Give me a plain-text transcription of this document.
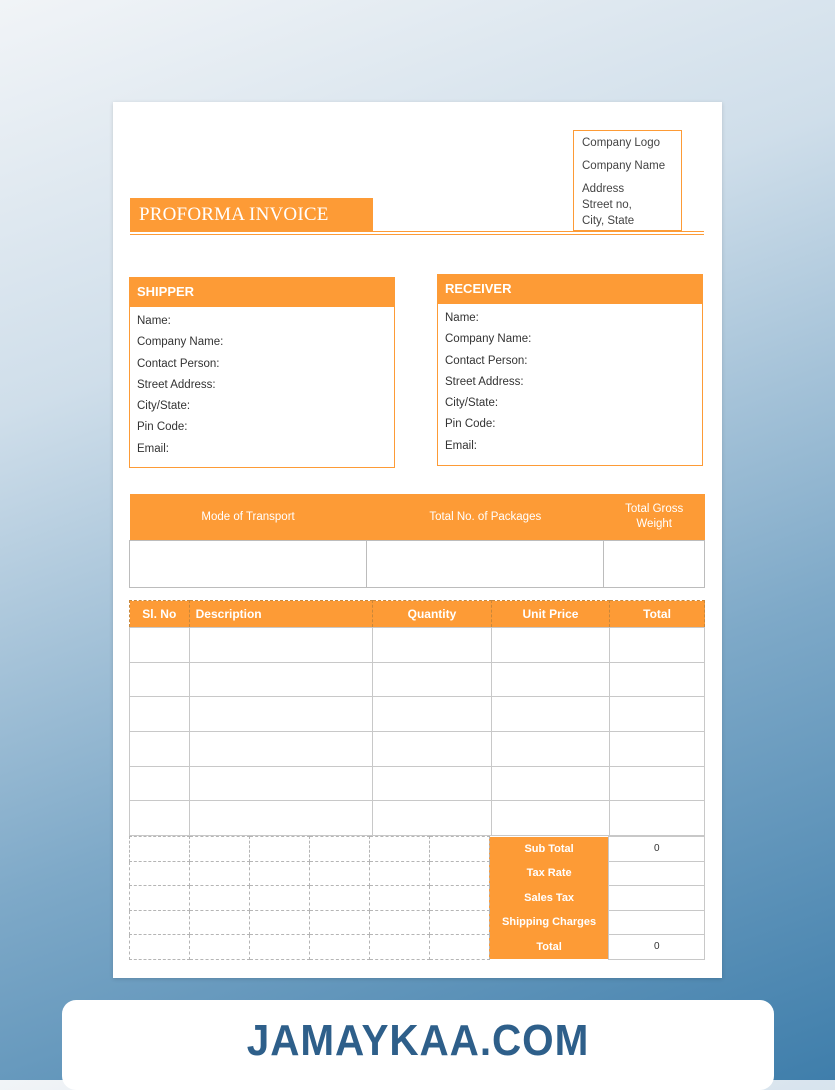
PROFORMA INVOICE
Company Logo
Company Name
Address
Street no,
City, State
SHIPPER
Name:
Company Name:
Contact Person:
Street Address:
City/State:
Pin Code:
Email:
RECEIVER
Name:
Company Name:
Contact Person:
Street Address:
City/State:
Pin Code:
Email:
Mode of Transport	Total No. of Packages	Total Gross Weight

Sl. No	Description	Quantity	Unit Price	Total

						Sub Total	0
						Tax Rate	
						Sales Tax	
						Shipping Charges	
						Total	0
JAMAYKAA.COM
